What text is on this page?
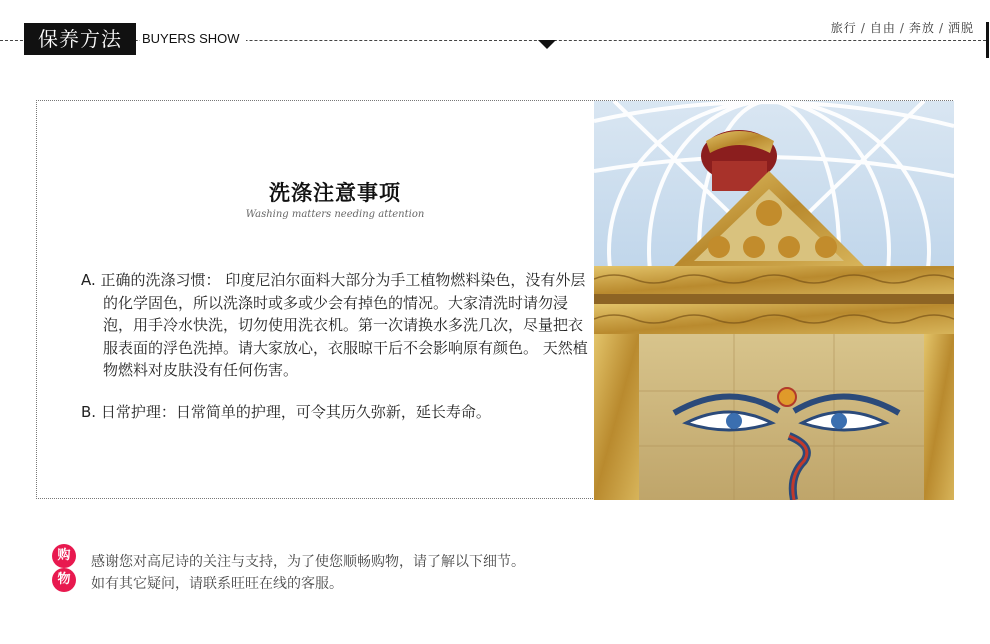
保养方法	BUYERS SHOW
旅行 / 自由 / 奔放 / 洒脱
洗涤注意事项
Washing matters needing attention
A. 正确的洗涤习惯： 印度尼泊尔面料大部分为手工植物燃料染色，没有外层的化学固色，所以洗涤时或多或少会有掉色的情况。大家清洗时请勿浸泡，用手冷水快洗，切勿使用洗衣机。第一次请换水多洗几次，尽量把衣服表面的浮色洗掉。请大家放心，衣服晾干后不会影响原有颜色。 天然植物燃料对皮肤没有任何伤害。
B. 日常护理：日常简单的护理，可令其历久弥新，延长寿命。
购
物
感谢您对高尼诗的关注与支持，为了使您顺畅购物，请了解以下细节。
如有其它疑问，请联系旺旺在线的客服。
